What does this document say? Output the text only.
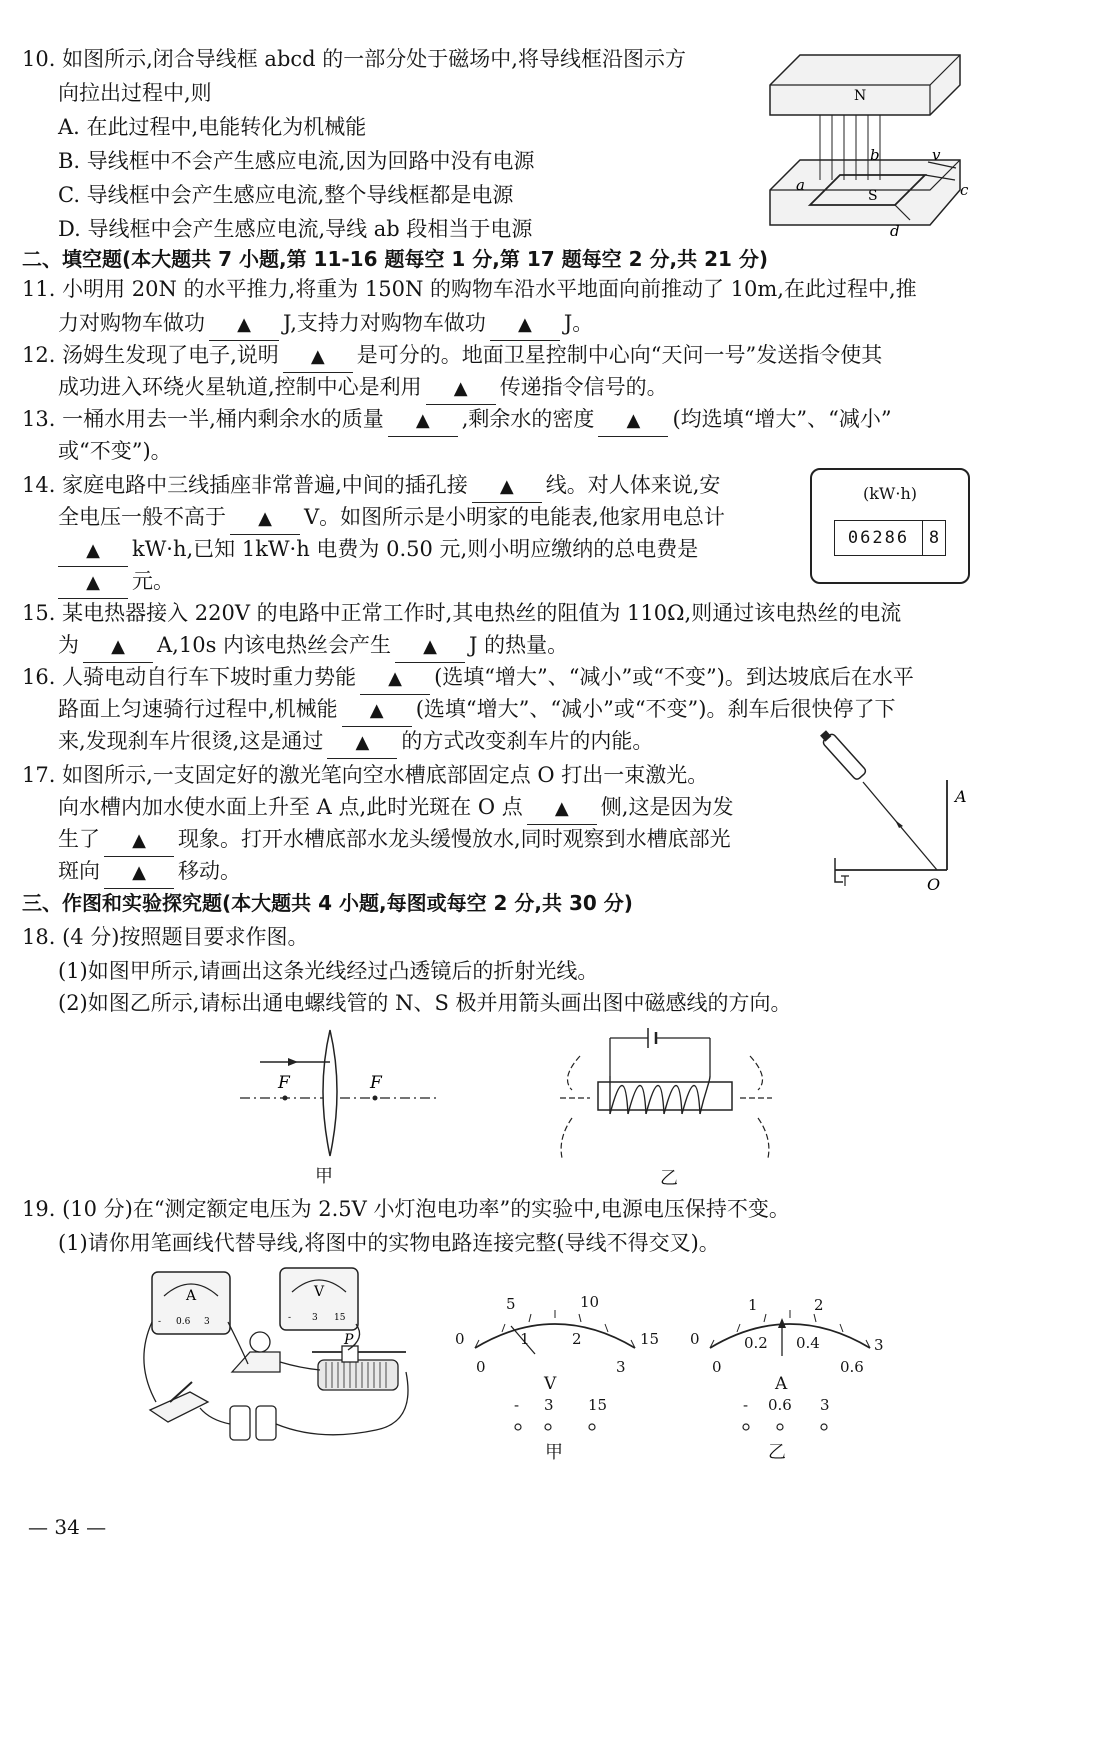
10. 如图所示,闭合导线框 abcd 的一部分处于磁场中,将导线框沿图示方
向拉出过程中,则
A. 在此过程中,电能转化为机械能
B. 导线框中不会产生感应电流,因为回路中没有电源
C. 导线框中会产生感应电流,整个导线框都是电源
D. 导线框中会产生感应电流,导线 ab 段相当于电源
N
S
a
b
c
d
v
二、填空题(本大题共 7 小题,第 11-16 题每空 1 分,第 17 题每空 2 分,共 21 分)
11. 小明用 20N 的水平推力,将重为 150N 的购物车沿水平地面向前推动了 10m,在此过程中,推
力对购物车做功 ▲ J,支持力对购物车做功 ▲ J。
12. 汤姆生发现了电子,说明 ▲ 是可分的。地面卫星控制中心向“天问一号”发送指令使其
成功进入环绕火星轨道,控制中心是利用 ▲ 传递指令信号的。
13. 一桶水用去一半,桶内剩余水的质量 ▲ ,剩余水的密度 ▲ (均选填“增大”、“减小”
或“不变”)。
14. 家庭电路中三线插座非常普遍,中间的插孔接 ▲ 线。对人体来说,安
全电压一般不高于 ▲ V。如图所示是小明家的电能表,他家用电总计
▲ kW·h,已知 1kW·h 电费为 0.50 元,则小明应缴纳的总电费是
▲ 元。
(kW·h)
06286	8
15. 某电热器接入 220V 的电路中正常工作时,其电热丝的阻值为 110Ω,则通过该电热丝的电流
为 ▲ A,10s 内该电热丝会产生 ▲ J 的热量。
16. 人骑电动自行车下坡时重力势能 ▲ (选填“增大”、“减小”或“不变”)。到达坡底后在水平
路面上匀速骑行过程中,机械能 ▲ (选填“增大”、“减小”或“不变”)。刹车后很快停了下
来,发现刹车片很烫,这是通过 ▲ 的方式改变刹车片的内能。
17. 如图所示,一支固定好的激光笔向空水槽底部固定点 O 打出一束激光。
向水槽内加水使水面上升至 A 点,此时光斑在 O 点 ▲ 侧,这是因为发
生了 ▲ 现象。打开水槽底部水龙头缓慢放水,同时观察到水槽底部光
斑向 ▲ 移动。
A
O
三、作图和实验探究题(本大题共 4 小题,每图或每空 2 分,共 30 分)
18. (4 分)按照题目要求作图。
(1)如图甲所示,请画出这条光线经过凸透镜后的折射光线。
(2)如图乙所示,请标出通电螺线管的 N、S 极并用箭头画出图中磁感线的方向。
F	F
甲	乙
19. (10 分)在“测定额定电压为 2.5V 小灯泡电功率”的实验中,电源电压保持不变。
(1)请你用笔画线代替导线,将图中的实物电路连接完整(导线不得交叉)。
A	V
P
- 0.6 3	- 3 15
0
5	10
15
0
1	2
3
V
- 3 15
甲
0
1	2
3
0
0.2 0.4
0.6
A
- 0.6 3
乙
— 34 —
